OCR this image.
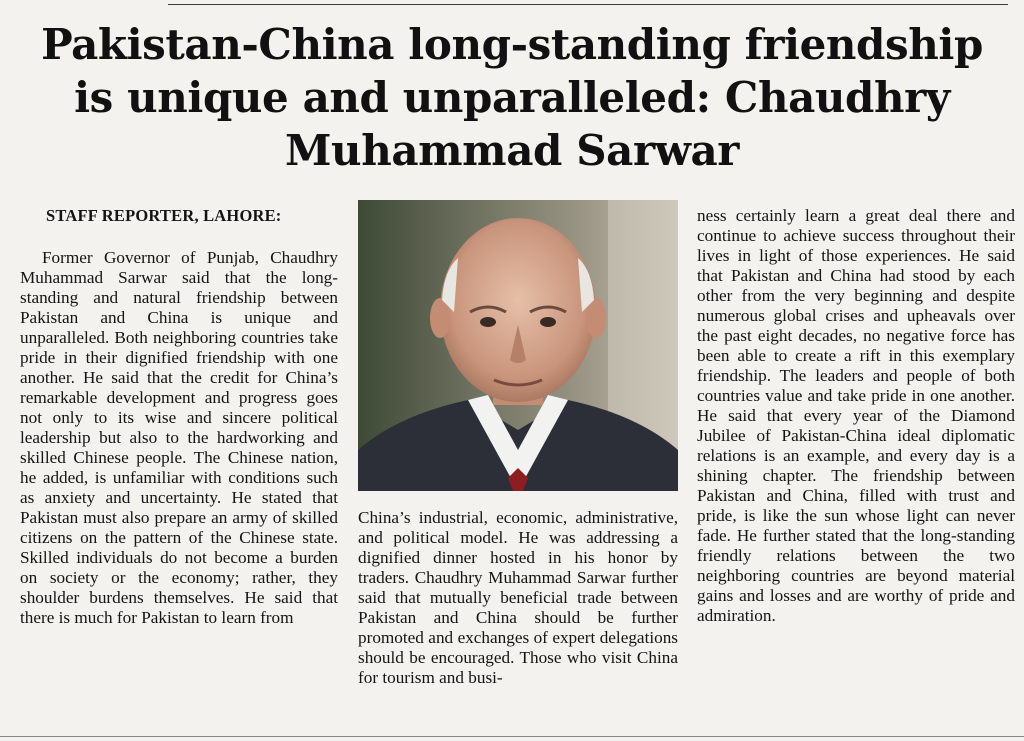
Pakistan-China long-standing friendship
is unique and unparalleled: Chaudhry
Muhammad Sarwar
STAFF REPORTER, LAHORE:

Former Governor of Punjab, Chaudhry Muhammad Sarwar said that the long-standing and natural friendship between Pakistan and China is unique and unparalleled. Both neighboring countries take pride in their dignified friendship with one another. He said that the credit for China’s remarkable development and progress goes not only to its wise and sincere political leadership but also to the hardworking and skilled Chinese people. The Chinese nation, he added, is unfamiliar with conditions such as anxiety and uncertainty. He stated that Pakistan must also prepare an army of skilled citizens on the pattern of the Chinese state. Skilled individuals do not become a burden on society or the economy; rather, they shoulder burdens themselves. He said that there is much for Pakistan to learn from

China’s industrial, economic, administrative, and political model. He was addressing a dignified dinner hosted in his honor by traders. Chaudhry Muhammad Sarwar further said that mutually beneficial trade between Pakistan and China should be further promoted and exchanges of expert delegations should be encouraged. Those who visit China for tourism and busi-

ness certainly learn a great deal there and continue to achieve success throughout their lives in light of those experiences. He said that Pakistan and China had stood by each other from the very beginning and despite numerous global crises and upheavals over the past eight decades, no negative force has been able to create a rift in this exemplary friendship. The leaders and people of both countries value and take pride in one another. He said that every year of the Diamond Jubilee of Pakistan-China ideal diplomatic relations is an example, and every day is a shining chapter. The friendship between Pakistan and China, filled with trust and pride, is like the sun whose light can never fade. He further stated that the long-standing friendly relations between the two neighboring countries are beyond material gains and losses and are worthy of pride and admiration.
